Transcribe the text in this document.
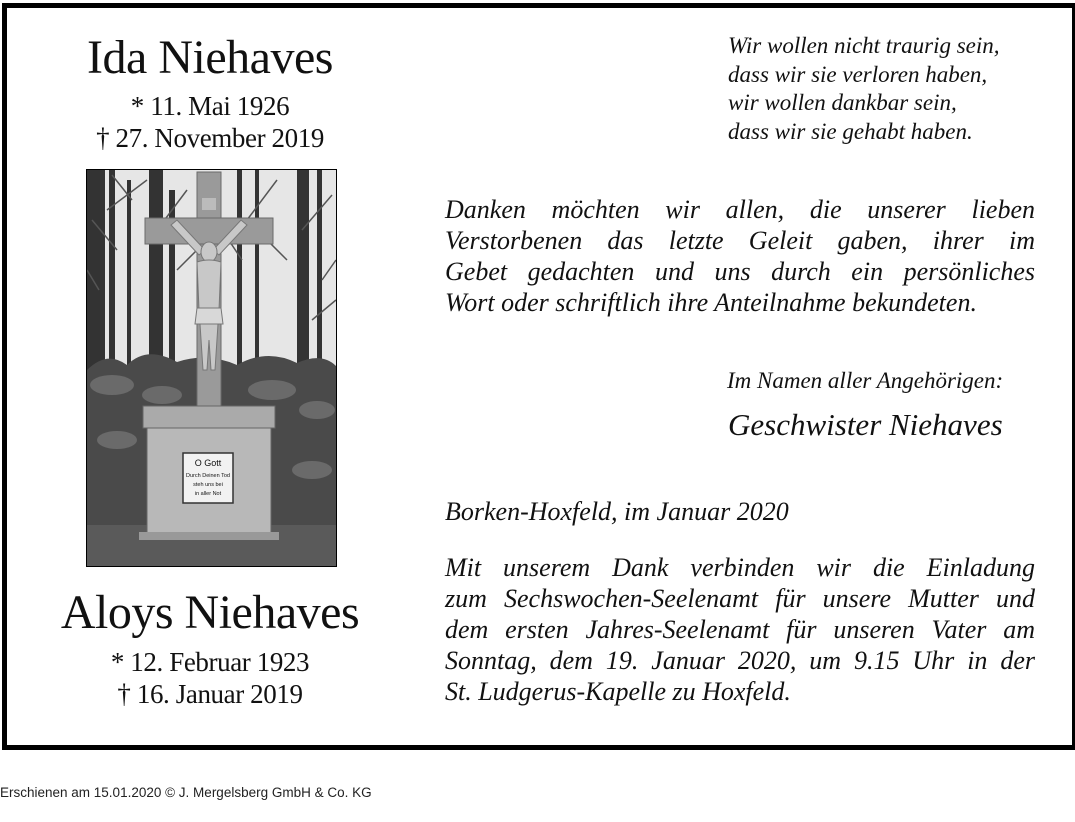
Ida Niehaves
* 11. Mai 1926
† 27. November 2019
O Gott
Durch Deinen Tod
steh uns bei
in aller Not
Aloys Niehaves
* 12. Februar 1923
† 16. Januar 2019
Wir wollen nicht traurig sein,
dass wir sie verloren haben,
wir wollen dankbar sein,
dass wir sie gehabt haben.
Danken möchten wir allen, die unserer lieben
Verstorbenen das letzte Geleit gaben, ihrer im
Gebet gedachten und uns durch ein persönliches
Wort oder schriftlich ihre Anteilnahme bekundeten.
Im Namen aller Angehörigen:
Geschwister Niehaves
Borken-Hoxfeld, im Januar 2020
Mit unserem Dank verbinden wir die Einladung
zum Sechswochen-Seelenamt für unsere Mutter und
dem ersten Jahres-Seelenamt für unseren Vater am
Sonntag, dem 19. Januar 2020, um 9.15 Uhr in der
St. Ludgerus-Kapelle zu Hoxfeld.
Erschienen am 15.01.2020 © J. Mergelsberg GmbH & Co. KG
